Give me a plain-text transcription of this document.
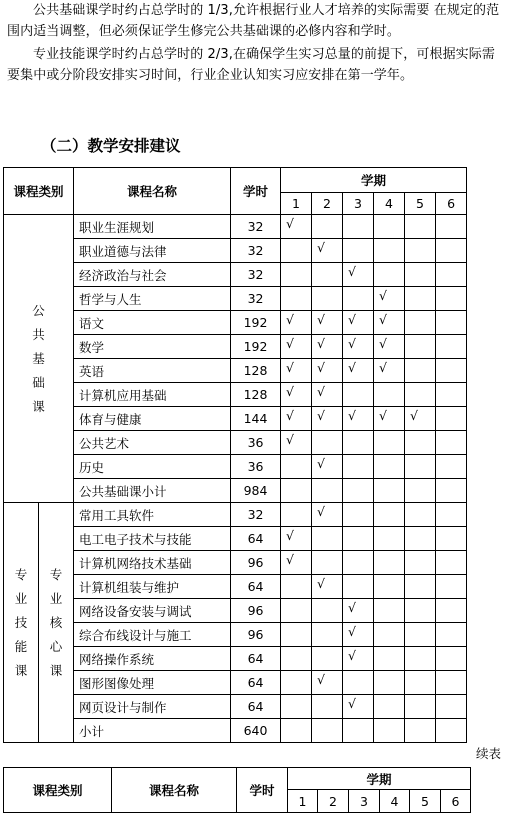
公共基础课学时约占总学时的 1/3,允许根据行业人才培养的实际需要 在规定的范围内适当调整，但必须保证学生修完公共基础课的必修内容和学时。

专业技能课学时约占总学时的 2/3,在确保学生实习总量的前提下，可根据实际需要集中或分阶段安排实习时间，行业企业认知实习应安排在第一学年。

（二）教学安排建议
课程类别		课程名称	学时	学期					
				1	2	3	4	5	6

公
共
基
础
课		职业生涯规划	32	√					
		职业道德与法律	32		√				
		经济政治与社会	32			√			
		哲学与人生	32				√		
		语文	192	√	√	√	√		
		数学	192	√	√	√	√		
		英语	128	√	√	√	√		
		计算机应用基础	128	√	√				
		体育与健康	144	√	√	√	√	√	
		公共艺术	36	√					
		历史	36		√				
		公共基础课小计	984						

专
业
技
能
课	专
业
核
心
课	常用工具软件	32		√				
		电工电子技术与技能	64	√					
		计算机网络技术基础	96	√					
		计算机组装与维护	64		√				
		网络设备安装与调试	96			√			
		综合布线设计与施工	96			√			
		网络操作系统	64			√			
		图形图像处理	64		√				
		网页设计与制作	64			√			
		小计	640						

续表

课程类别	课程名称	学时	学期					
			1	2	3	4	5	6
